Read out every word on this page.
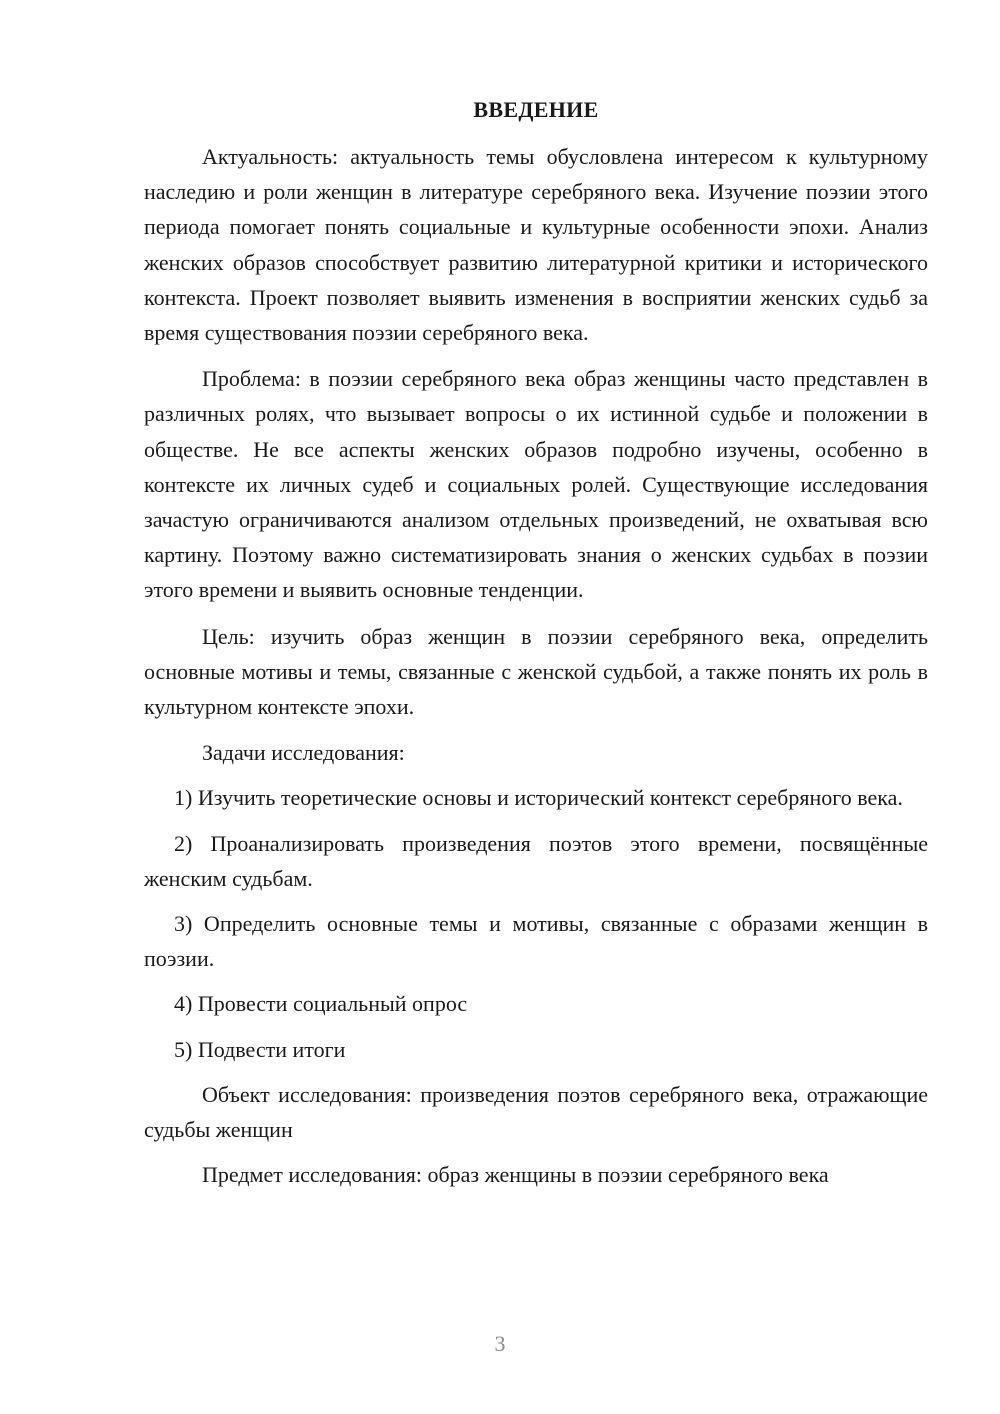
ВВЕДЕНИЕ

Актуальность: актуальность темы обусловлена интересом к культурному наследию и роли женщин в литературе серебряного века. Изучение поэзии этого периода помогает понять социальные и культурные особенности эпохи. Анализ женских образов способствует развитию литературной критики и исторического контекста. Проект позволяет выявить изменения в восприятии женских судьб за время существования поэзии серебряного века.

Проблема: в поэзии серебряного века образ женщины часто представлен в различных ролях, что вызывает вопросы о их истинной судьбе и положении в обществе. Не все аспекты женских образов подробно изучены, особенно в контексте их личных судеб и социальных ролей. Существующие исследования зачастую ограничиваются анализом отдельных произведений, не охватывая всю картину. Поэтому важно систематизировать знания о женских судьбах в поэзии этого времени и выявить основные тенденции.

Цель: изучить образ женщин в поэзии серебряного века, определить основные мотивы и темы, связанные с женской судьбой, а также понять их роль в культурном контексте эпохи.

Задачи исследования:

1) Изучить теоретические основы и исторический контекст серебряного века.

2) Проанализировать произведения поэтов этого времени, посвящённые женским судьбам.

3) Определить основные темы и мотивы, связанные с образами женщин в поэзии.

4) Провести социальный опрос

5) Подвести итоги

Объект исследования: произведения поэтов серебряного века, отражающие судьбы женщин

Предмет исследования: образ женщины в поэзии серебряного века

3
